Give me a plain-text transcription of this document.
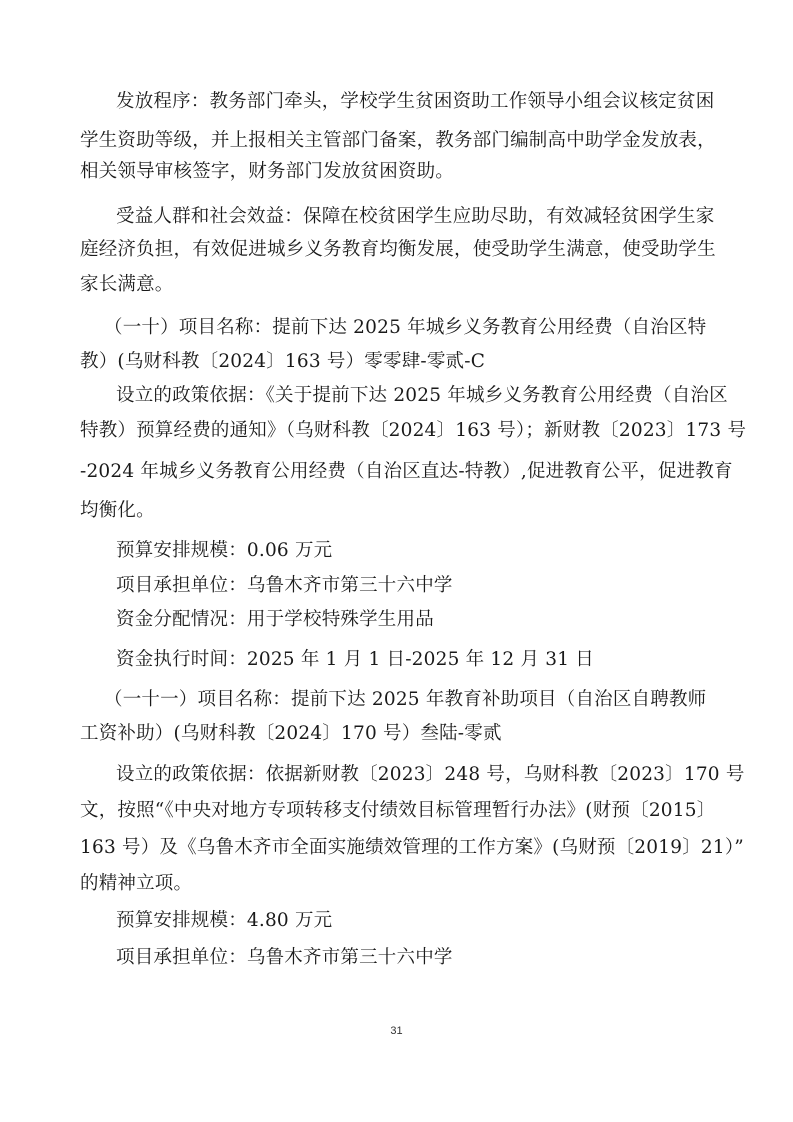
发放程序：教务部门牵头，学校学生贫困资助工作领导小组会议核定贫困
学生资助等级，并上报相关主管部门备案，教务部门编制高中助学金发放表，
相关领导审核签字，财务部门发放贫困资助。
受益人群和社会效益：保障在校贫困学生应助尽助，有效减轻贫困学生家
庭经济负担，有效促进城乡义务教育均衡发展，使受助学生满意，使受助学生
家长满意。
（一十）项目名称：提前下达 2025 年城乡义务教育公用经费（自治区特
教）(乌财科教〔2024〕163 号）零零肆-零贰-C
设立的政策依据：《关于提前下达 2025 年城乡义务教育公用经费（自治区
特教）预算经费的通知》（乌财科教〔2024〕163 号）；新财教〔2023〕173 号
-2024 年城乡义务教育公用经费（自治区直达-特教）,促进教育公平，促进教育
均衡化。
预算安排规模：0.06 万元
项目承担单位：乌鲁木齐市第三十六中学
资金分配情况：用于学校特殊学生用品
资金执行时间：2025 年 1 月 1 日-2025 年 12 月 31 日
（一十一）项目名称：提前下达 2025 年教育补助项目（自治区自聘教师
工资补助）(乌财科教〔2024〕170 号）叁陆-零贰
设立的政策依据：依据新财教〔2023〕248 号，乌财科教〔2023〕170 号
文，按照“《中央对地方专项转移支付绩效目标管理暂行办法》(财预〔2015〕
163 号）及《乌鲁木齐市全面实施绩效管理的工作方案》(乌财预〔2019〕21）”
的精神立项。
预算安排规模：4.80 万元
项目承担单位：乌鲁木齐市第三十六中学
31
